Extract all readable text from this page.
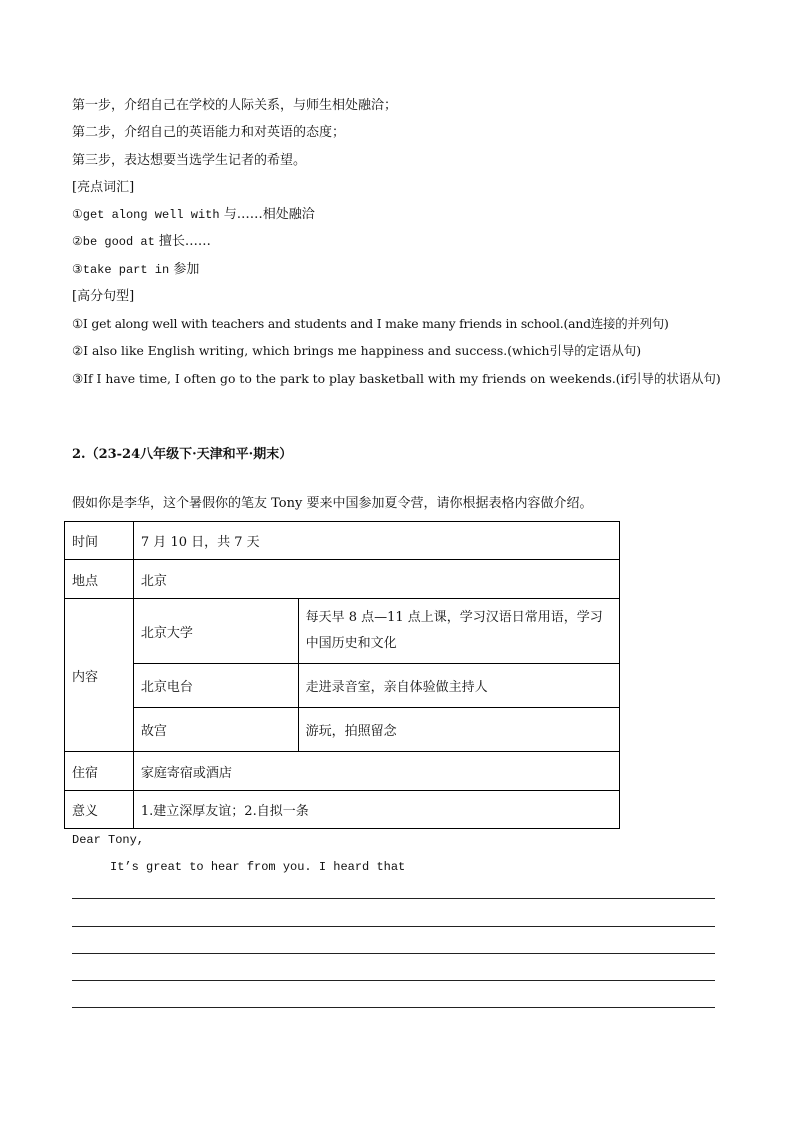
第一步，介绍自己在学校的人际关系，与师生相处融洽；
第二步，介绍自己的英语能力和对英语的态度；
第三步，表达想要当选学生记者的希望。
[亮点词汇]
①get along well with 与……相处融洽
②be good at 擅长……
③take part in 参加
[高分句型]
①I get along well with teachers and students and I make many friends in school.(and连接的并列句)
②I also like English writing, which brings me happiness and success.(which引导的定语从句)
③If I have time, I often go to the park to play basketball with my friends on weekends.(if引导的状语从句)
2.（23-24八年级下·天津和平·期末）
假如你是李华，这个暑假你的笔友 Tony 要来中国参加夏令营，请你根据表格内容做介绍。
时间	7 月 10 日，共 7 天	
地点	北京	
内容	北京大学	每天早 8 点—11 点上课，学习汉语日常用语，学习中国历史和文化
	北京电台	走进录音室，亲自体验做主持人
	故宫	游玩，拍照留念
住宿	家庭寄宿或酒店	
意义	1.建立深厚友谊；2.自拟一条	
Dear Tony,
It’s great to hear from you. I heard that
